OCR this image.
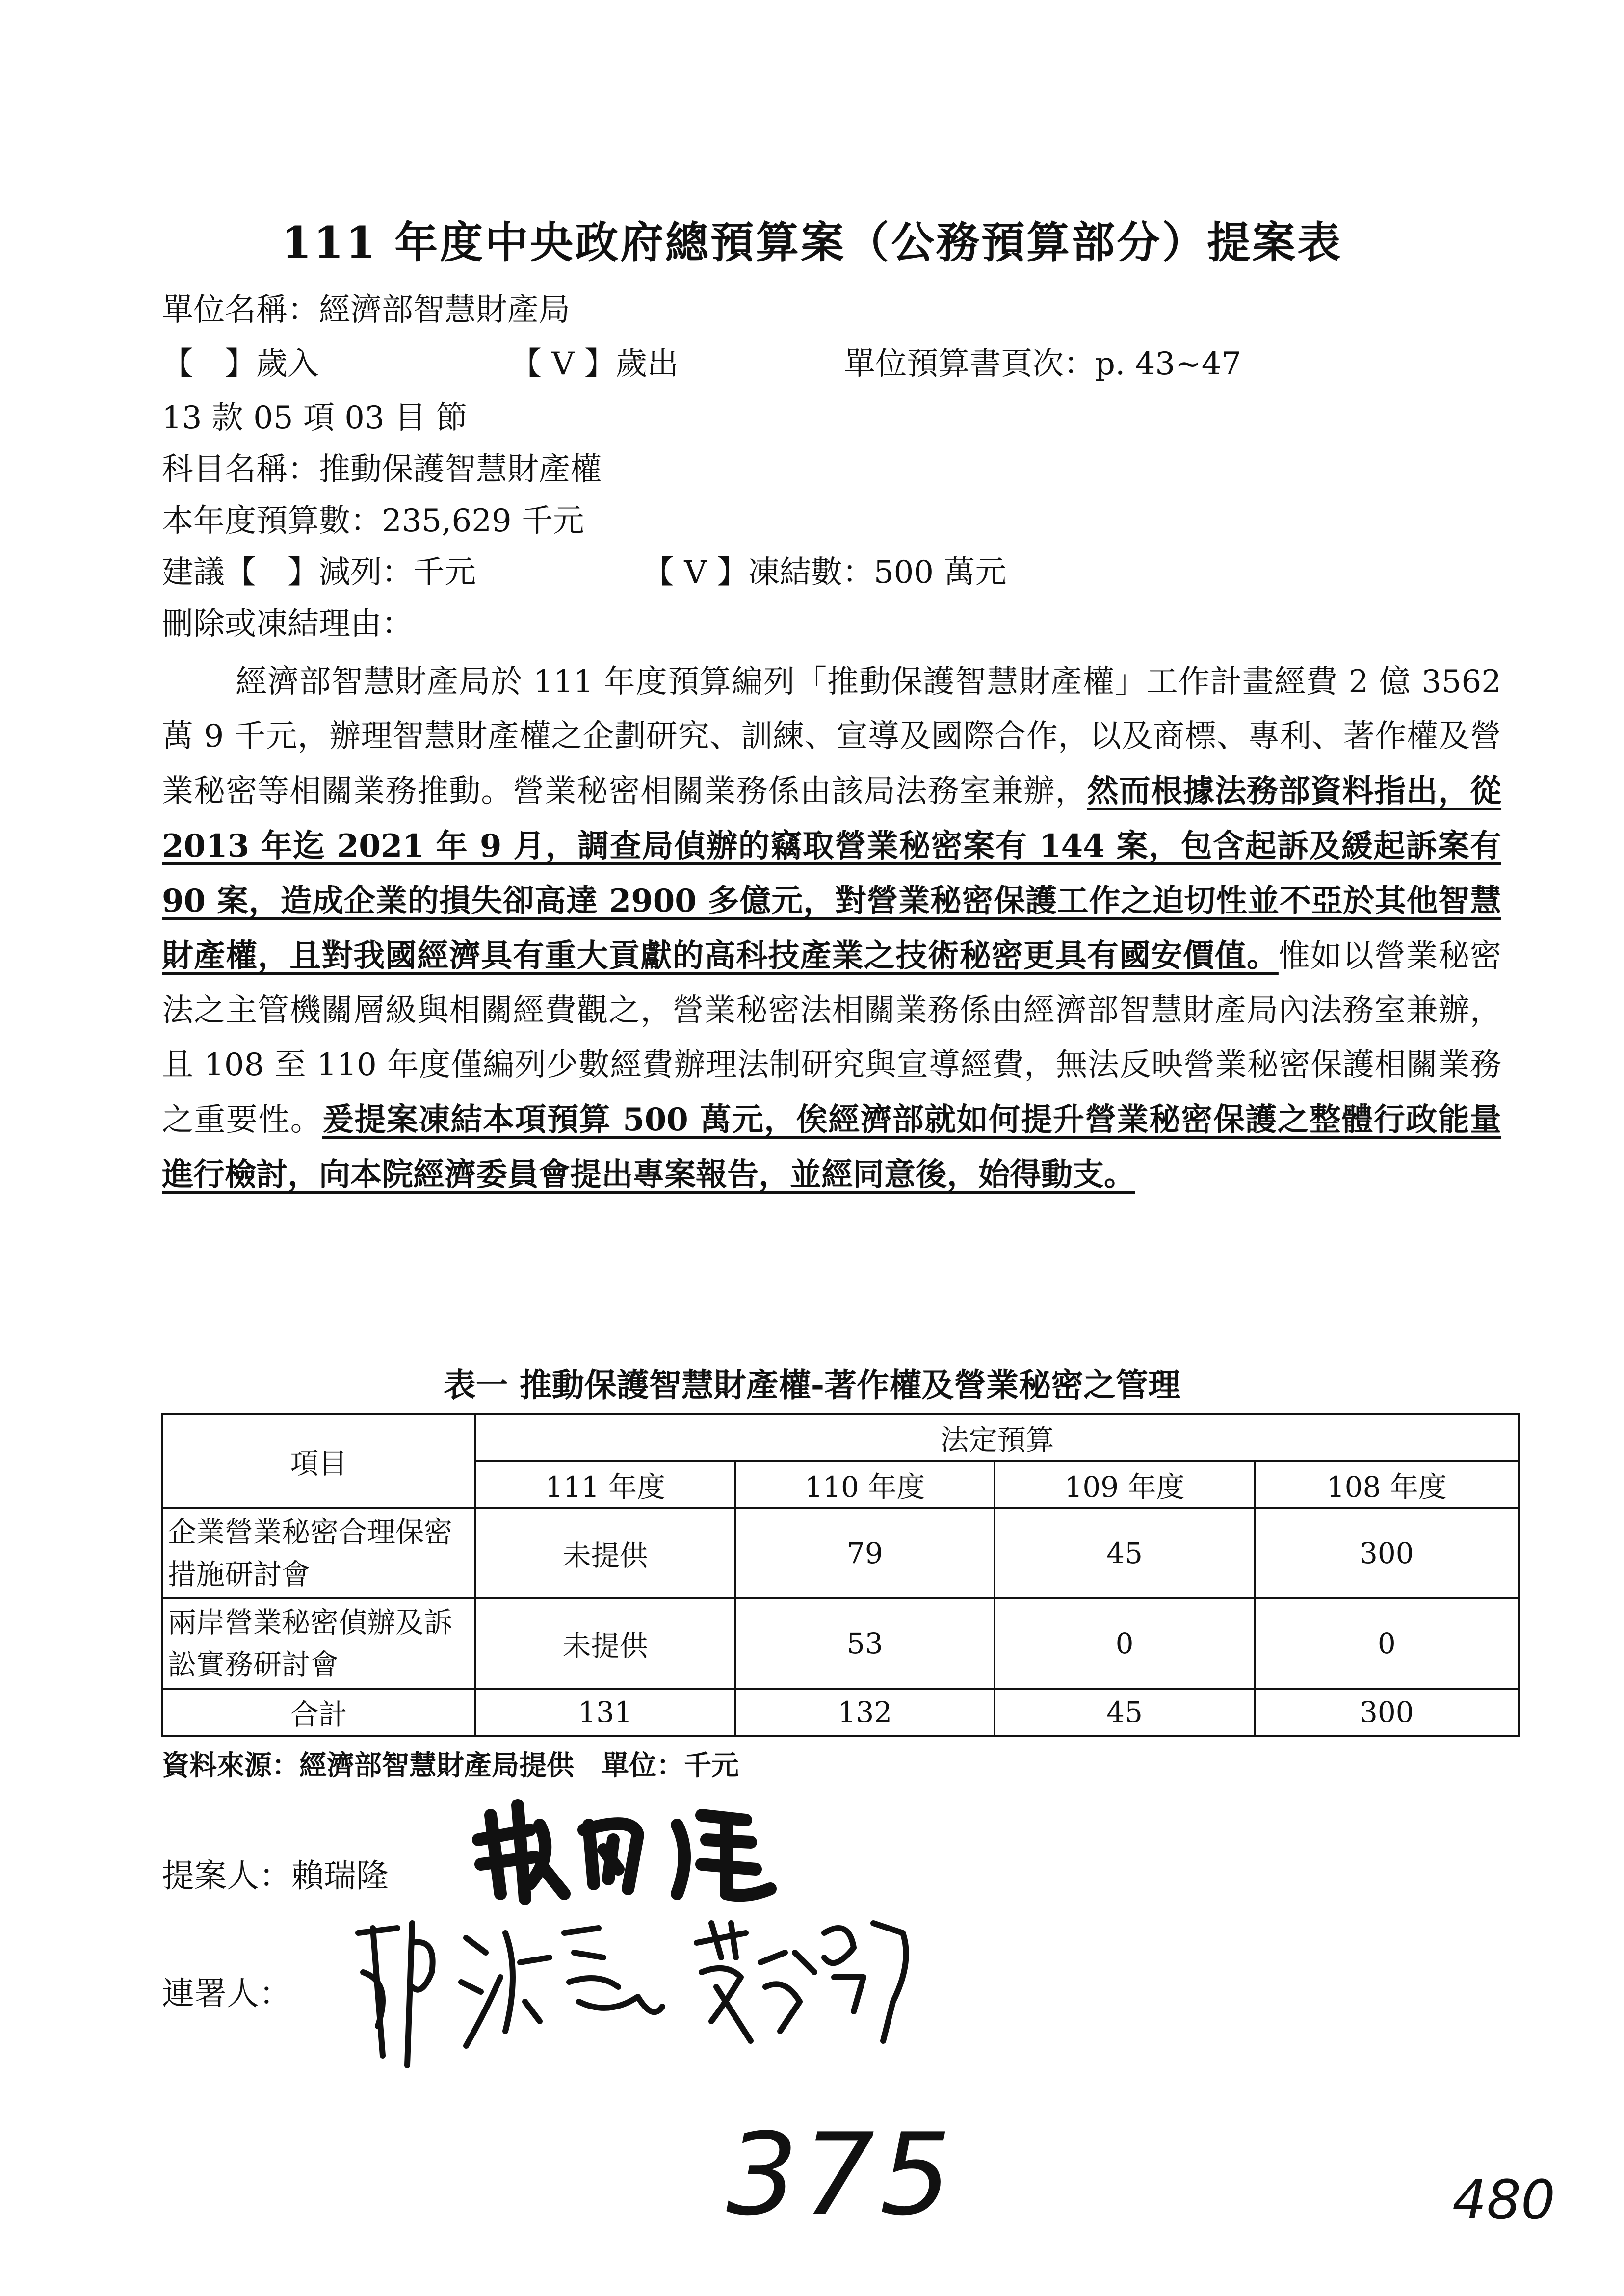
111 年度中央政府總預算案（公務預算部分）提案表
單位名稱：經濟部智慧財產局
【　】歲入	【 V 】歲出	單位預算書頁次：p. 43~47
13 款 05 項 03 目 節
科目名稱：推動保護智慧財產權
本年度預算數：235,629 千元
建議【　】減列：千元	【 V 】凍結數：500 萬元
刪除或凍結理由：
經濟部智慧財產局於 111 年度預算編列「推動保護智慧財產權」工作計畫經費 2 億 3562 萬 9 千元，辦理智慧財產權之企劃研究、訓練、宣導及國際合作，以及商標、專利、著作權及營業秘密等相關業務推動。營業秘密相關業務係由該局法務室兼辦，然而根據法務部資料指出，從 2013 年迄 2021 年 9 月，調查局偵辦的竊取營業秘密案有 144 案，包含起訴及緩起訴案有 90 案，造成企業的損失卻高達 2900 多億元，對營業秘密保護工作之迫切性並不亞於其他智慧財產權，且對我國經濟具有重大貢獻的高科技產業之技術秘密更具有國安價值。惟如以營業秘密法之主管機關層級與相關經費觀之，營業秘密法相關業務係由經濟部智慧財產局內法務室兼辦，且 108 至 110 年度僅編列少數經費辦理法制研究與宣導經費，無法反映營業秘密保護相關業務之重要性。爰提案凍結本項預算 500 萬元，俟經濟部就如何提升營業秘密保護之整體行政能量進行檢討，向本院經濟委員會提出專案報告，並經同意後，始得動支。
表一 推動保護智慧財產權-著作權及營業秘密之管理
項目	法定預算			
	111 年度	110 年度	109 年度	108 年度
企業營業秘密合理保密措施研討會	未提供	79	45	300
兩岸營業秘密偵辦及訴訟實務研討會	未提供	53	0	0
合計	131	132	45	300
資料來源：經濟部智慧財產局提供　單位：千元
提案人：賴瑞隆
連署人：
375	480
